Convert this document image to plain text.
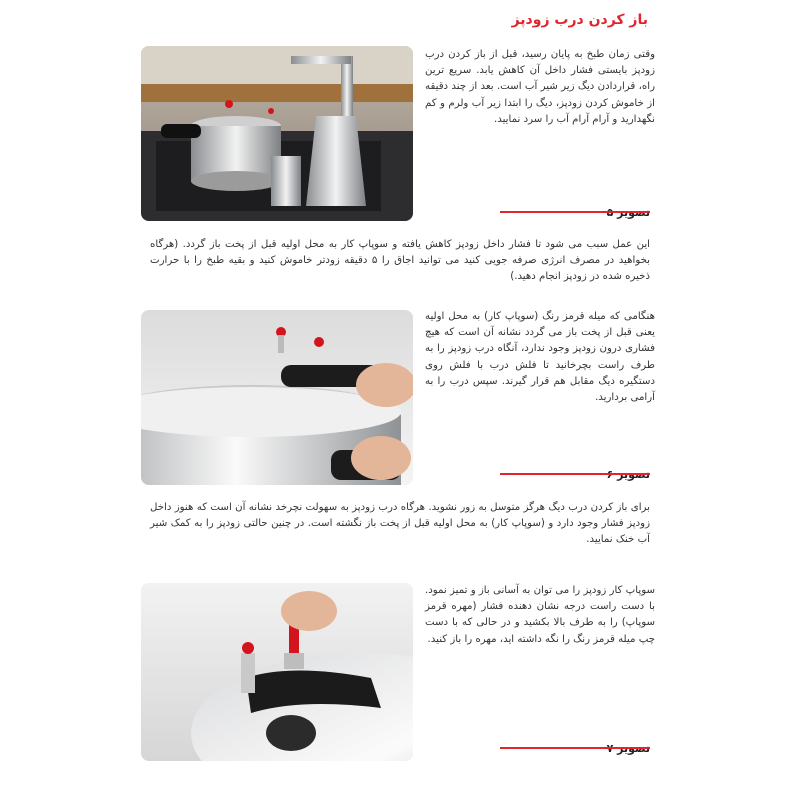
باز کردن درب زودپز
وقتی زمان طبخ به پایان رسید، قبل از باز کردن درب زودپز بایستی فشار داخل آن کاهش یابد. سریع ترین راه، قراردادن دیگ زیر شیر آب است. بعد از چند دقیقه از خاموش کردن زودپز، دیگ را ابتدا زیر آب ولرم و کم نگهدارید و آرام آرام آب را سرد نمایید.
این عمل سبب می شود تا فشار داخل زودپز کاهش یافته و سوپاپ کار به محل اولیه قبل از پخت باز گردد. (هرگاه بخواهید در مصرف انرژی صرفه جویی کنید می توانید اجاق را ۵ دقیقه زودتر خاموش کنید و بقیه طبخ را با حرارت ذخیره شده در زودپز انجام دهید.)
هنگامی که میله قرمز رنگ (سوپاپ کار) به محل اولیه یعنی قبل از پخت باز می گردد نشانه آن است که هیچ فشاری درون زودپز وجود ندارد، آنگاه درب زودپز را به طرف راست بچرخانید تا فلش درب با فلش روی دستگیره دیگ مقابل هم قرار گیرند. سپس درب را به آرامی بردارید.
برای باز کردن درب دیگ هرگز متوسل به زور نشوید. هرگاه درب زودپز به سهولت نچرخد نشانه آن است که هنوز داخل زودپز فشار وجود دارد و (سوپاپ کار) به محل اولیه قبل از پخت باز نگشته است. در چنین حالتی زودپز را به کمک شیر آب خنک نمایید.
سوپاپ کار زودپز را می توان به آسانی باز و تمیز نمود. با دست راست درجه نشان دهنده فشار (مهره قرمز سوپاپ) را به طرف بالا بکشید و در حالی که با دست چپ میله قرمز رنگ را نگه داشته اید، مهره را باز کنید.
